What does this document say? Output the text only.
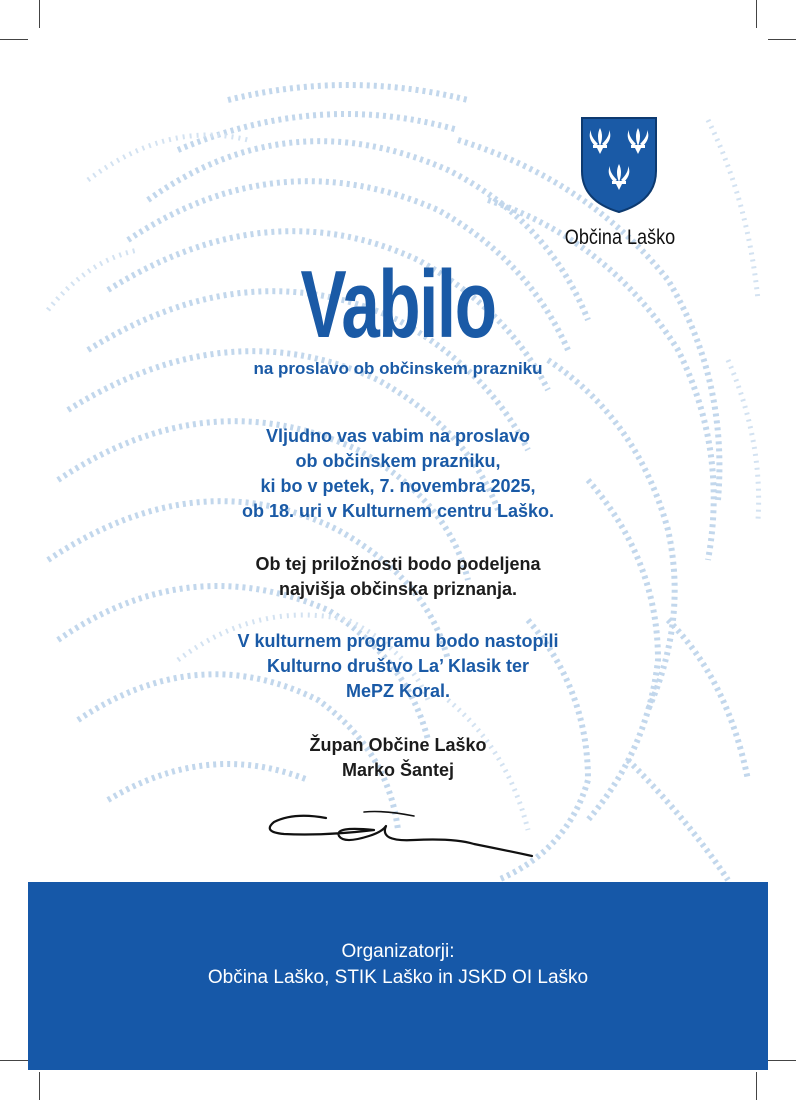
Občina Laško
Vabilo
na proslavo ob občinskem prazniku
Vljudno vas vabim na proslavo
ob občinskem prazniku,
ki bo v petek, 7. novembra 2025,
ob 18. uri v Kulturnem centru Laško.
Ob tej priložnosti bodo podeljena
najvišja občinska priznanja.
V kulturnem programu bodo nastopili
Kulturno društvo La’ Klasik ter
MePZ Koral.
Župan Občine Laško
Marko Šantej
Organizatorji:
Občina Laško, STIK Laško in JSKD OI Laško
